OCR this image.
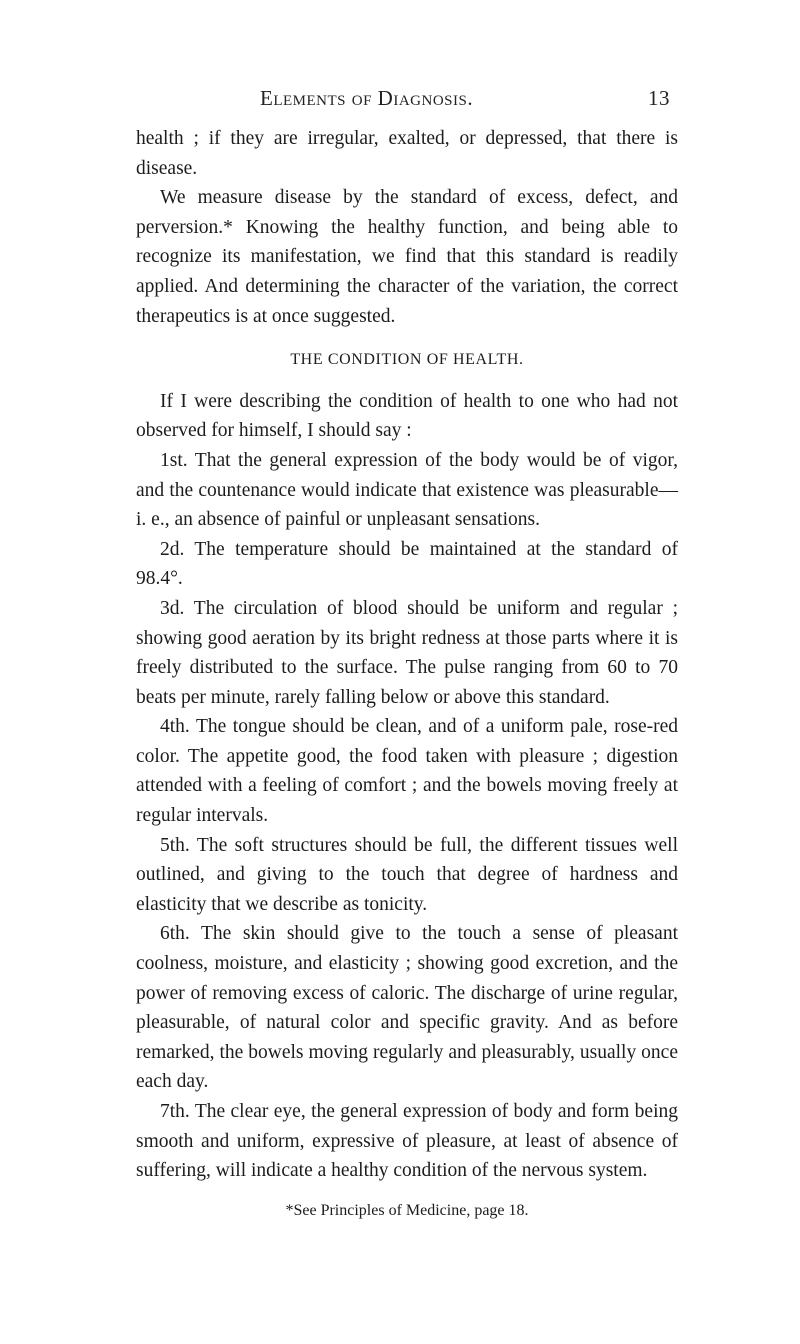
Elements of Diagnosis.	13

health ; if they are irregular, exalted, or depressed, that there is disease.

We measure disease by the standard of excess, defect, and perversion.* Knowing the healthy function, and being able to recognize its manifestation, we find that this standard is readily applied. And determining the character of the variation, the correct therapeutics is at once suggested.

THE CONDITION OF HEALTH.

If I were describing the condition of health to one who had not observed for himself, I should say :

1st. That the general expression of the body would be of vigor, and the countenance would indicate that existence was pleasurable—i. e., an absence of painful or unpleasant sensations.

2d. The temperature should be maintained at the standard of 98.4°.

3d. The circulation of blood should be uniform and regular ; showing good aeration by its bright redness at those parts where it is freely distributed to the surface. The pulse ranging from 60 to 70 beats per minute, rarely falling below or above this standard.

4th. The tongue should be clean, and of a uniform pale, rose-red color. The appetite good, the food taken with pleasure ; digestion attended with a feeling of comfort ; and the bowels moving freely at regular intervals.

5th. The soft structures should be full, the different tissues well outlined, and giving to the touch that degree of hardness and elasticity that we describe as tonicity.

6th. The skin should give to the touch a sense of pleasant coolness, moisture, and elasticity ; showing good excretion, and the power of removing excess of caloric. The discharge of urine regular, pleasurable, of natural color and specific gravity. And as before remarked, the bowels moving regularly and pleasurably, usually once each day.

7th. The clear eye, the general expression of body and form being smooth and uniform, expressive of pleasure, at least of absence of suffering, will indicate a healthy condition of the nervous system.

*See Principles of Medicine, page 18.
